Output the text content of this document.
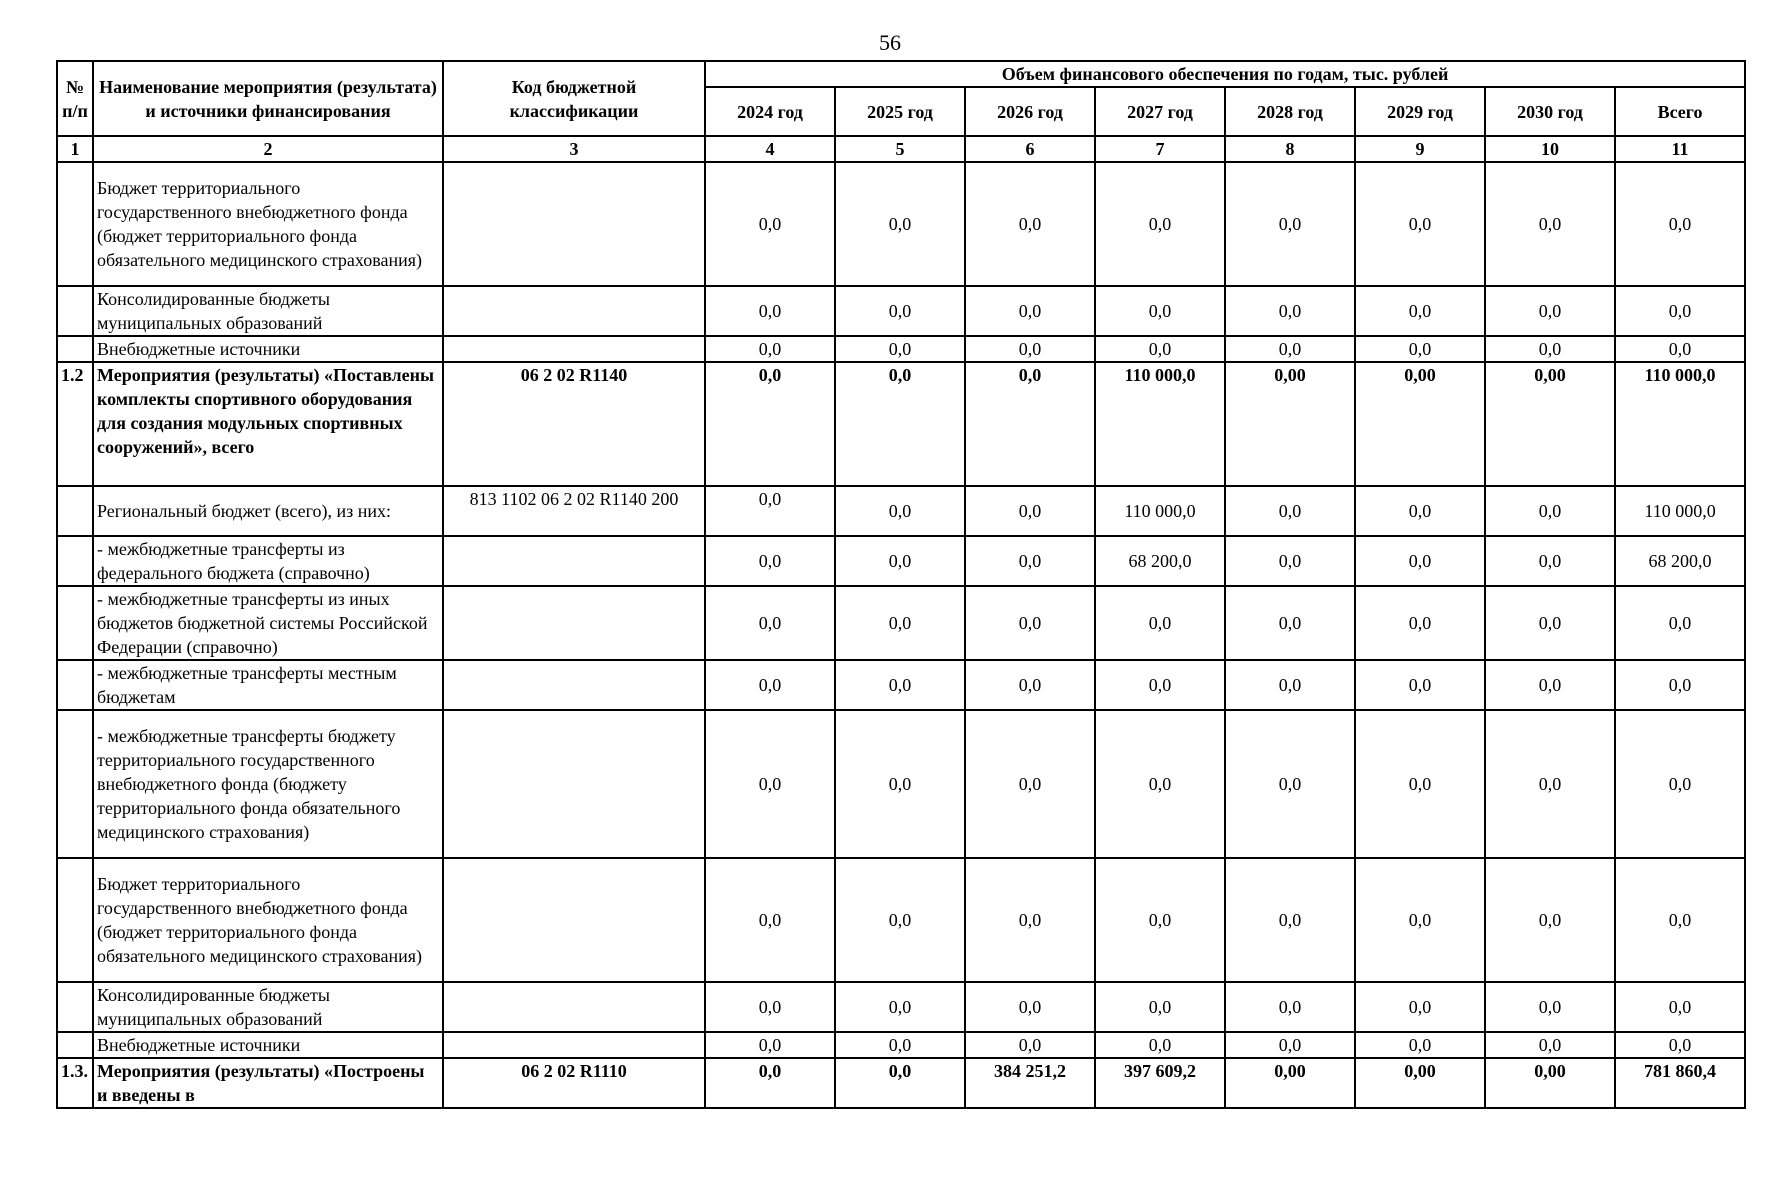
56
№ п/п	Наименование мероприятия (результата) и источники финансирования	Код бюджетной классификации	Объем финансового обеспечения по годам, тыс. рублей							
			2024 год	2025 год	2026 год	2027 год	2028 год	2029 год	2030 год	Всего
1	2	3	4	5	6	7	8	9	10	11
	Бюджет территориального государственного внебюджетного фонда (бюджет территориального фонда обязательного медицинского страхования)		0,0	0,0	0,0	0,0	0,0	0,0	0,0	0,0
	Консолидированные бюджеты муниципальных образований		0,0	0,0	0,0	0,0	0,0	0,0	0,0	0,0
	Внебюджетные источники		0,0	0,0	0,0	0,0	0,0	0,0	0,0	0,0
1.2	Мероприятия (результаты) «Поставлены комплекты спортивного оборудования для создания модульных спортивных сооружений», всего	06 2 02 R1140	0,0	0,0	0,0	110 000,0	0,00	0,00	0,00	110 000,0
	Региональный бюджет (всего), из них:	813 1102 06 2 02 R1140 200	0,0	0,0	0,0	110 000,0	0,0	0,0	0,0	110 000,0
	- межбюджетные трансферты из федерального бюджета (справочно)		0,0	0,0	0,0	68 200,0	0,0	0,0	0,0	68 200,0
	- межбюджетные трансферты из иных бюджетов бюджетной системы Российской Федерации (справочно)		0,0	0,0	0,0	0,0	0,0	0,0	0,0	0,0
	- межбюджетные трансферты местным бюджетам		0,0	0,0	0,0	0,0	0,0	0,0	0,0	0,0
	- межбюджетные трансферты бюджету территориального государственного внебюджетного фонда (бюджету территориального фонда обязательного медицинского страхования)		0,0	0,0	0,0	0,0	0,0	0,0	0,0	0,0
	Бюджет территориального государственного внебюджетного фонда (бюджет территориального фонда обязательного медицинского страхования)		0,0	0,0	0,0	0,0	0,0	0,0	0,0	0,0
	Консолидированные бюджеты муниципальных образований		0,0	0,0	0,0	0,0	0,0	0,0	0,0	0,0
	Внебюджетные источники		0,0	0,0	0,0	0,0	0,0	0,0	0,0	0,0
1.3.	Мероприятия (результаты) «Построены и введены в	06 2 02 R1110	0,0	0,0	384 251,2	397 609,2	0,00	0,00	0,00	781 860,4
